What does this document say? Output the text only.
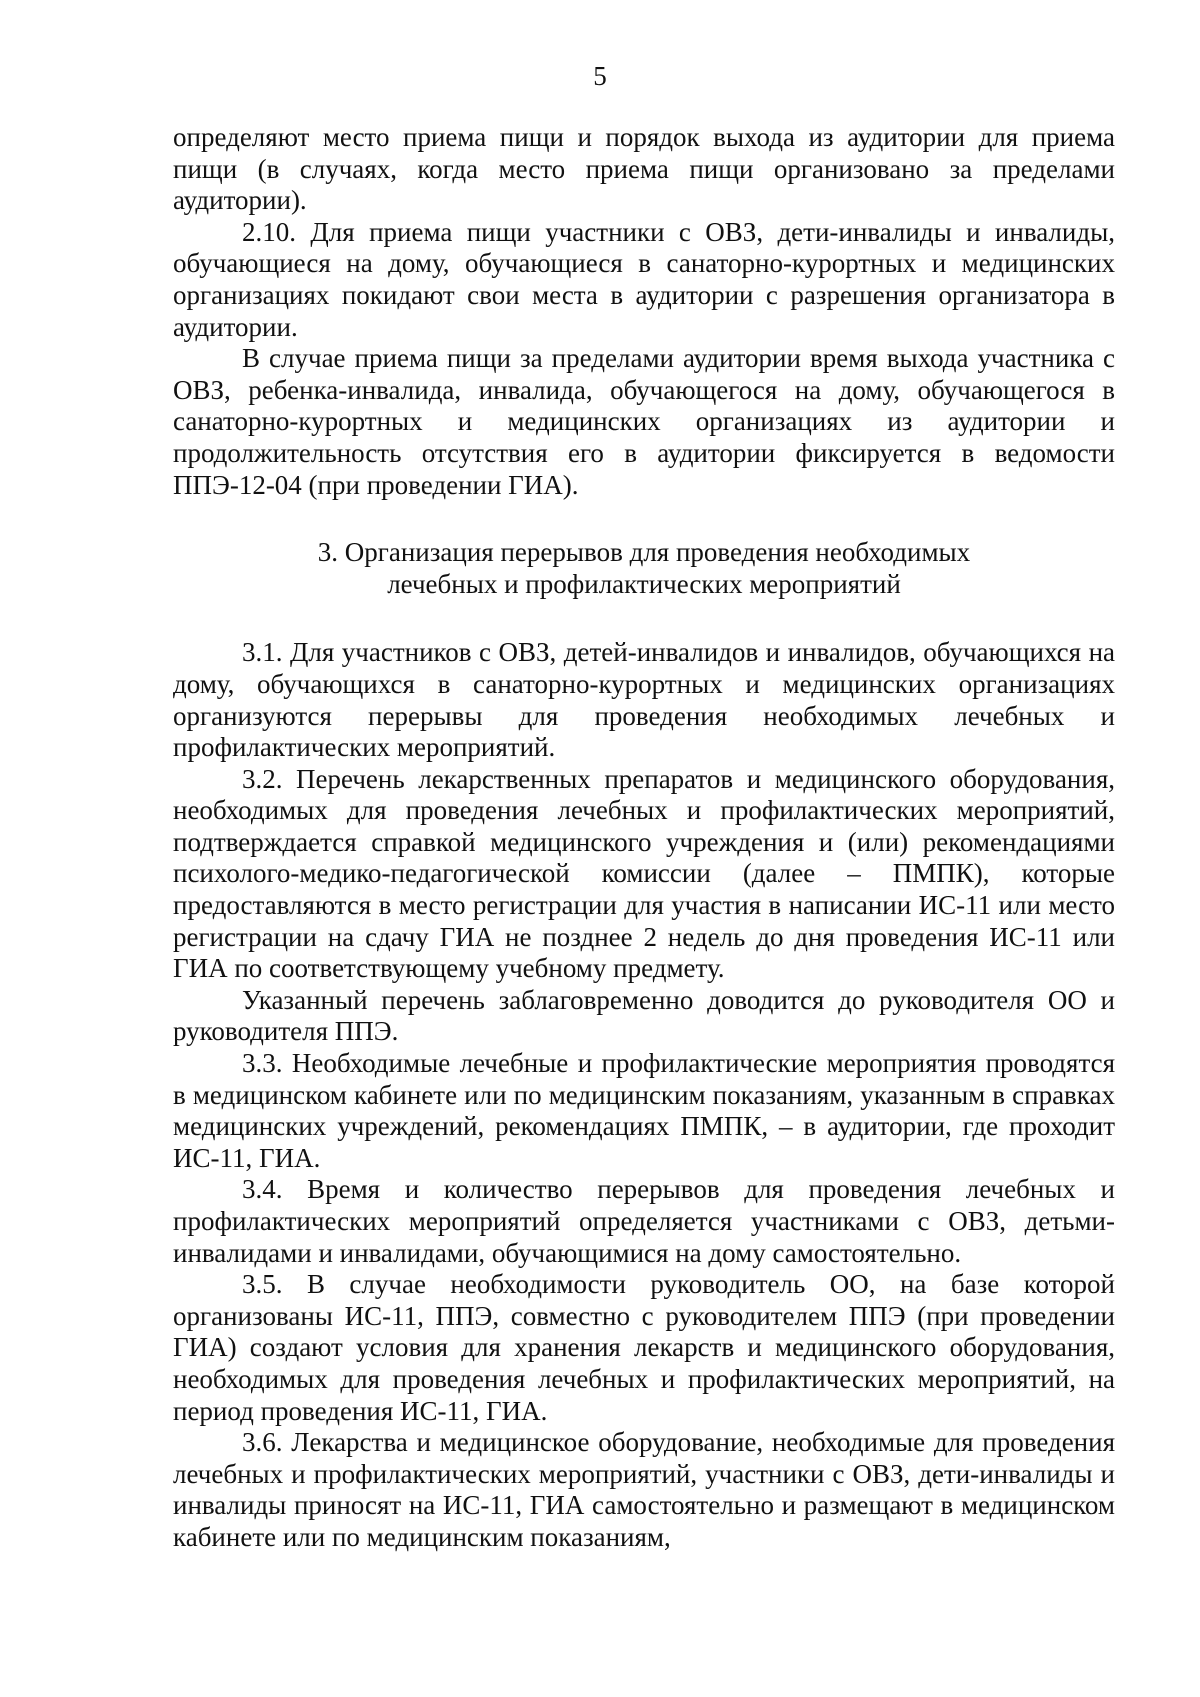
5

определяют место приема пищи и порядок выхода из аудитории для приема пищи (в случаях, когда место приема пищи организовано за пределами аудитории).

2.10. Для приема пищи участники с ОВЗ, дети-инвалиды и инвалиды, обучающиеся на дому, обучающиеся в санаторно-курортных и медицинских организациях покидают свои места в аудитории с разрешения организатора в аудитории.

В случае приема пищи за пределами аудитории время выхода участника с ОВЗ, ребенка-инвалида, инвалида, обучающегося на дому, обучающегося в санаторно-курортных и медицинских организациях из аудитории и продолжительность отсутствия его в аудитории фиксируется в ведомости ППЭ-12-04 (при проведении ГИА).

3. Организация перерывов для проведения необходимых
лечебных и профилактических мероприятий

3.1. Для участников с ОВЗ, детей-инвалидов и инвалидов, обучающихся на дому, обучающихся в санаторно-курортных и медицинских организациях организуются перерывы для проведения необходимых лечебных и профилактических мероприятий.

3.2. Перечень лекарственных препаратов и медицинского оборудования, необходимых для проведения лечебных и профилактических мероприятий, подтверждается справкой медицинского учреждения и (или) рекомендациями психолого-медико-педагогической комиссии (далее – ПМПК), которые предоставляются в место регистрации для участия в написании ИС-11 или место регистрации на сдачу ГИА не позднее 2 недель до дня проведения ИС-11 или ГИА по соответствующему учебному предмету.

Указанный перечень заблаговременно доводится до руководителя ОО и руководителя ППЭ.

3.3. Необходимые лечебные и профилактические мероприятия проводятся в медицинском кабинете или по медицинским показаниям, указанным в справках медицинских учреждений, рекомендациях ПМПК, – в аудитории, где проходит ИС-11, ГИА.

3.4. Время и количество перерывов для проведения лечебных и профилактических мероприятий определяется участниками с ОВЗ, детьми-инвалидами и инвалидами, обучающимися на дому самостоятельно.

3.5. В случае необходимости руководитель ОО, на базе которой организованы ИС-11, ППЭ, совместно с руководителем ППЭ (при проведении ГИА) создают условия для хранения лекарств и медицинского оборудования, необходимых для проведения лечебных и профилактических мероприятий, на период проведения ИС-11, ГИА.

3.6. Лекарства и медицинское оборудование, необходимые для проведения лечебных и профилактических мероприятий, участники с ОВЗ, дети-инвалиды и инвалиды приносят на ИС-11, ГИА самостоятельно и размещают в медицинском кабинете или по медицинским показаниям,
